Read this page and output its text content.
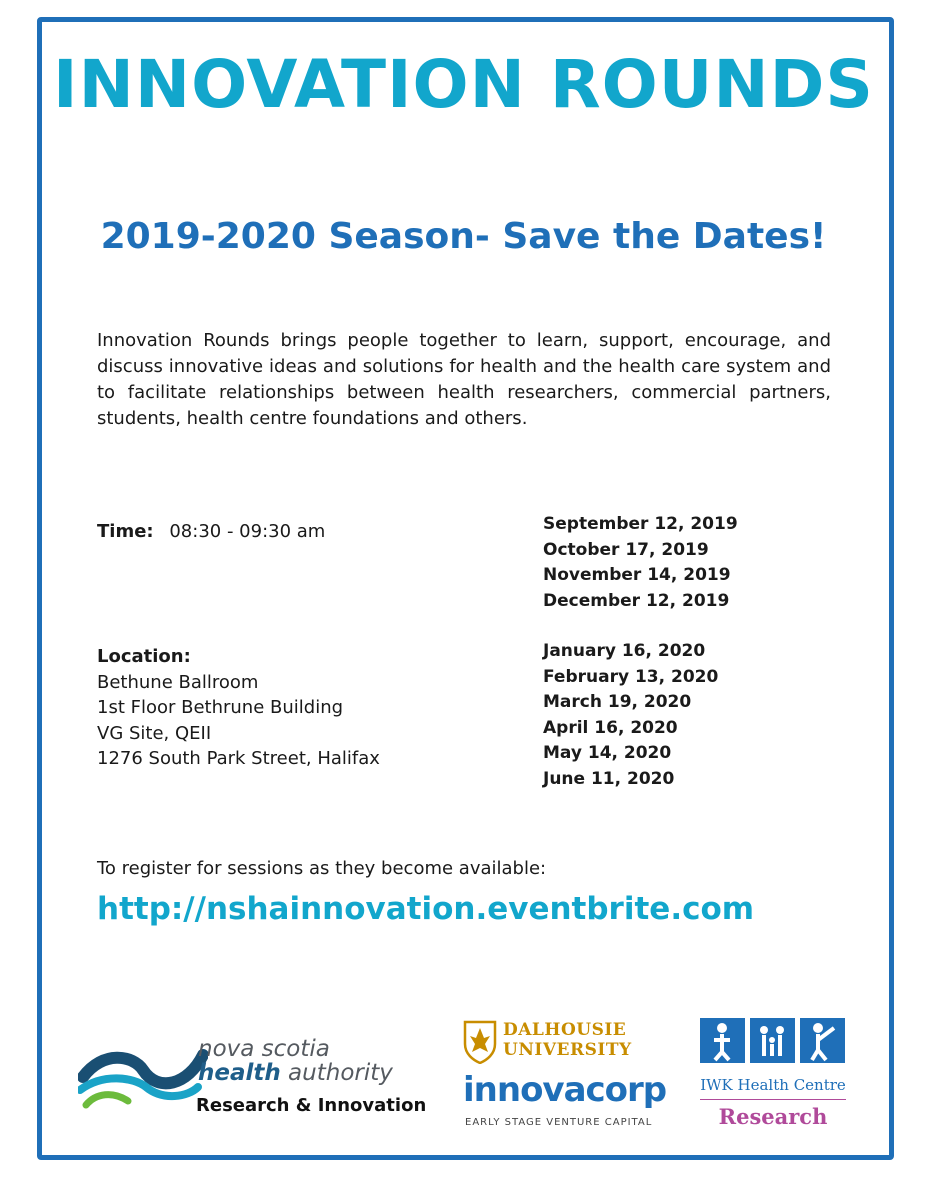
INNOVATION ROUNDS
2019-2020 Season- Save the Dates!
Innovation Rounds brings people together to learn, support, encourage, and discuss innovative ideas and solutions for health and the health care system and to facilitate relationships between health researchers, commercial partners, students, health centre foundations and others.
Time: 08:30 - 09:30 am
Location:
Bethune Ballroom
1st Floor Bethrune Building
VG Site, QEII
1276 South Park Street, Halifax
September 12, 2019
October 17, 2019
November 14, 2019
December 12, 2019
January 16, 2020
February 13, 2020
March 19, 2020
April 16, 2020
May 14, 2020
June 11, 2020
To register for sessions as they become available:
http://nshainnovation.eventbrite.com
nova scotia
health authority
Research & Innovation
DALHOUSIE
UNIVERSITY
innovacorp
EARLY STAGE VENTURE CAPITAL
IWK Health Centre
Research
